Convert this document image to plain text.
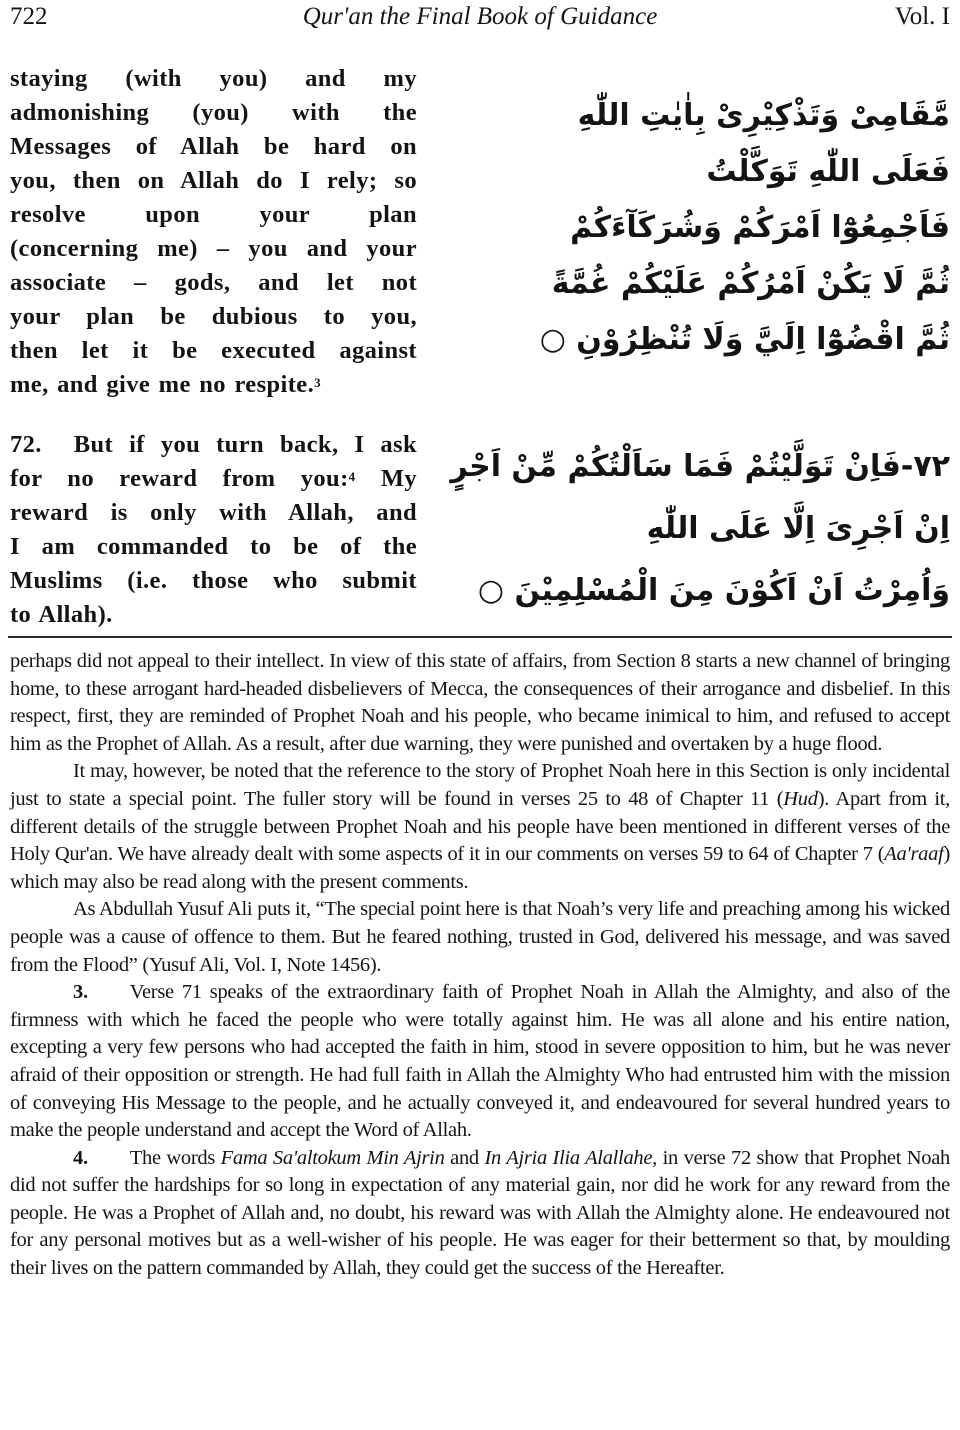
722	Qur'an the Final Book of Guidance	Vol. I
staying (with you) and my
admonishing (you) with the
Messages of Allah be hard on
you, then on Allah do I rely; so
resolve upon your plan
(concerning me) – you and your
associate – gods, and let not
your plan be dubious to you,
then let it be executed against
me, and give me no respite.$^3$
مَّقَامِىْ وَتَذْكِيْرِىْ بِاٰيٰتِ اللّٰهِ
فَعَلَى اللّٰهِ تَوَكَّلْتُ
فَاَجْمِعُوْٓا اَمْرَكُمْ وَشُرَكَآءَكُمْ
ثُمَّ لَا يَكُنْ اَمْرُكُمْ عَلَيْكُمْ غُمَّةً
ثُمَّ اقْضُوْٓا اِلَيَّ وَلَا تُنْظِرُوْنِ ○
72. But if you turn back, I ask
for no reward from you:$^4$ My
reward is only with Allah, and
I am commanded to be of the
Muslims (i.e. those who submit
to Allah).
۷۲-فَاِنْ تَوَلَّيْتُمْ فَمَا سَاَلْتُكُمْ مِّنْ اَجْرٍ
اِنْ اَجْرِىَ اِلَّا عَلَى اللّٰهِ
وَاُمِرْتُ اَنْ اَكُوْنَ مِنَ الْمُسْلِمِيْنَ ○

perhaps did not appeal to their intellect. In view of this state of affairs, from Section 8 starts a new channel of bringing home, to these arrogant hard-headed disbelievers of Mecca, the consequences of their arrogance and disbelief. In this respect, first, they are reminded of Prophet Noah and his people, who became inimical to him, and refused to accept him as the Prophet of Allah. As a result, after due warning, they were punished and overtaken by a huge flood.

It may, however, be noted that the reference to the story of Prophet Noah here in this Section is only incidental just to state a special point. The fuller story will be found in verses 25 to 48 of Chapter 11 (Hud). Apart from it, different details of the struggle between Prophet Noah and his people have been mentioned in different verses of the Holy Qur'an. We have already dealt with some aspects of it in our comments on verses 59 to 64 of Chapter 7 (Aa'raaf) which may also be read along with the present comments.

As Abdullah Yusuf Ali puts it, “The special point here is that Noah’s very life and preaching among his wicked people was a cause of offence to them. But he feared nothing, trusted in God, delivered his message, and was saved from the Flood” (Yusuf Ali, Vol. I, Note 1456).

3. Verse 71 speaks of the extraordinary faith of Prophet Noah in Allah the Almighty, and also of the firmness with which he faced the people who were totally against him. He was all alone and his entire nation, excepting a very few persons who had accepted the faith in him, stood in severe opposition to him, but he was never afraid of their opposition or strength. He had full faith in Allah the Almighty Who had entrusted him with the mission of conveying His Message to the people, and he actually conveyed it, and endeavoured for several hundred years to make the people understand and accept the Word of Allah.

4. The words Fama Sa'altokum Min Ajrin and In Ajria Ilia Alallahe, in verse 72 show that Prophet Noah did not suffer the hardships for so long in expectation of any material gain, nor did he work for any reward from the people. He was a Prophet of Allah and, no doubt, his reward was with Allah the Almighty alone. He endeavoured not for any personal motives but as a well-wisher of his people. He was eager for their betterment so that, by moulding their lives on the pattern commanded by Allah, they could get the success of the Hereafter.
